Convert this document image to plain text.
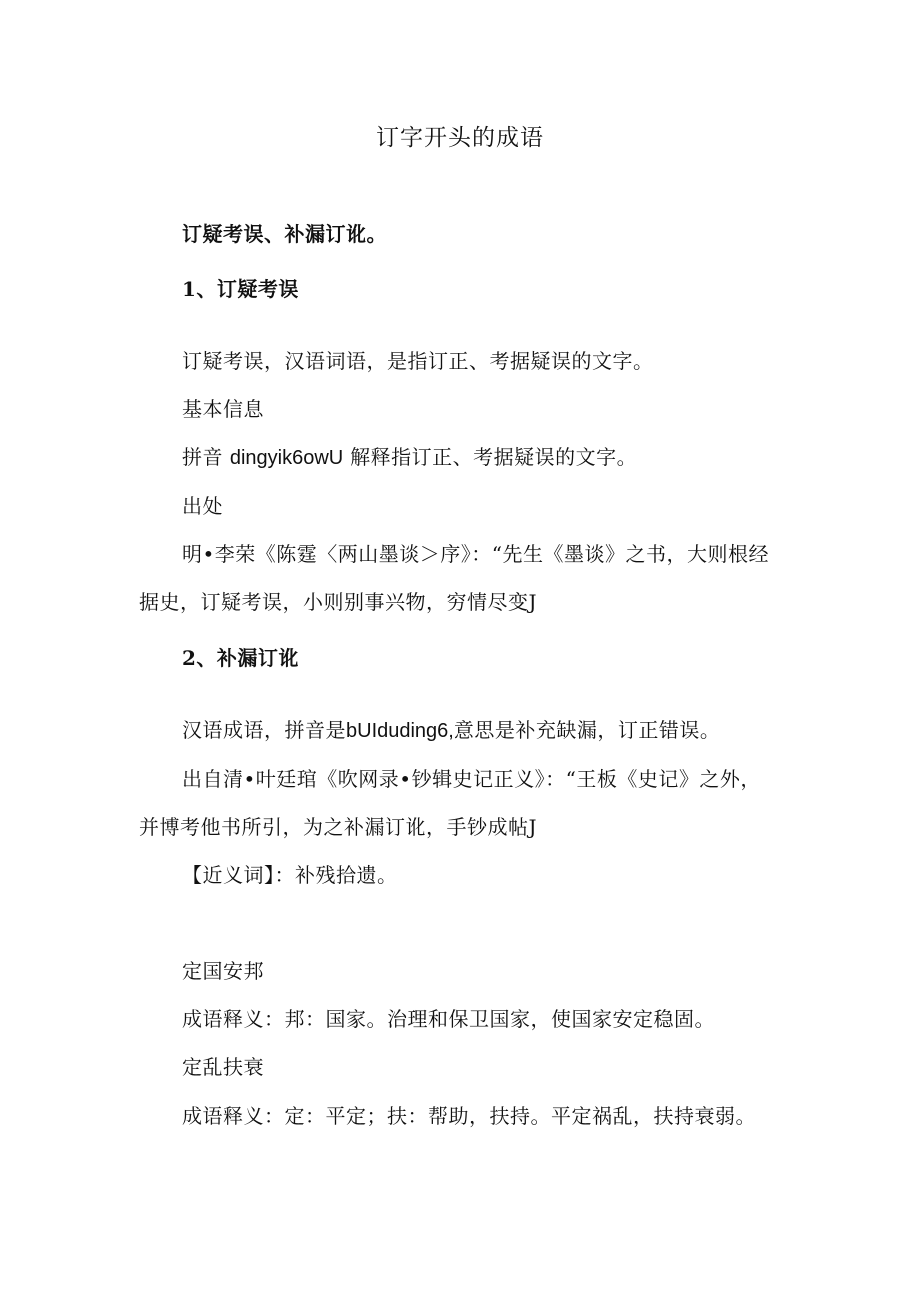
订字开头的成语
订疑考误、补漏订讹。
1、订疑考误
订疑考误，汉语词语，是指订正、考据疑误的文字。
基本信息
拼音 dingyik6owU 解释指订正、考据疑误的文字。
出处
明•李荣《陈霆〈两山墨谈＞序》：“先生《墨谈》之书，大则根经
据史，订疑考误，小则别事兴物，穷情尽变J
2、补漏订讹
汉语成语，拼音是bUIduding6,意思是补充缺漏，订正错误。
出自清•叶廷琯《吹网录•钞辑史记正义》：“王板《史记》之外，
并博考他书所引，为之补漏订讹，手钞成帖J
【近义词】：补残拾遗。
定国安邦
成语释义：邦：国家。治理和保卫国家，使国家安定稳固。
定乱扶衰
成语释义：定：平定；扶：帮助，扶持。平定祸乱，扶持衰弱。
